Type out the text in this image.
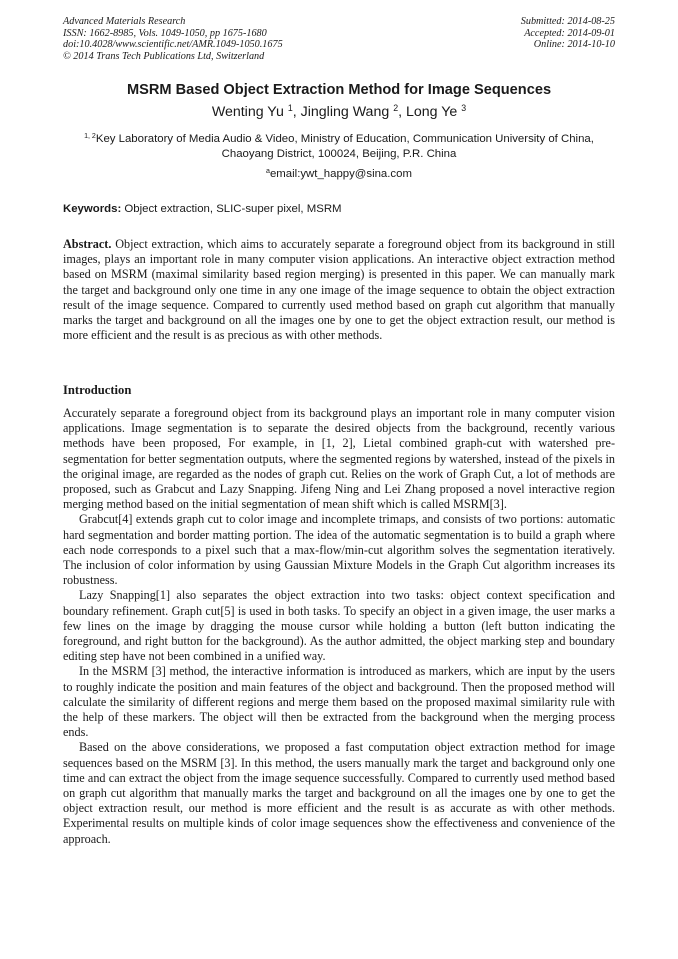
Advanced Materials Research
ISSN: 1662-8985, Vols. 1049-1050, pp 1675-1680
doi:10.4028/www.scientific.net/AMR.1049-1050.1675
© 2014 Trans Tech Publications Ltd, Switzerland
Submitted: 2014-08-25
Accepted: 2014-09-01
Online: 2014-10-10
MSRM Based Object Extraction Method for Image Sequences
Wenting Yu $^1$, Jingling Wang $^2$, Long Ye $^3$
$^{1, 2}$Key Laboratory of Media Audio & Video, Ministry of Education, Communication University of China, Chaoyang District, 100024, Beijing, P.R. China
$^a$email:ywt_happy@sina.com
Keywords: Object extraction, SLIC-super pixel, MSRM

Abstract. Object extraction, which aims to accurately separate a foreground object from its background in still images, plays an important role in many computer vision applications. An interactive object extraction method based on MSRM (maximal similarity based region merging) is presented in this paper. We can manually mark the target and background only one time in any one image of the image sequence to obtain the object extraction result of the image sequence. Compared to currently used method based on graph cut algorithm that manually marks the target and background on all the images one by one to get the object extraction result, our method is more efficient and the result is as precious as with other methods.

Introduction

Accurately separate a foreground object from its background plays an important role in many computer vision applications. Image segmentation is to separate the desired objects from the background, recently various methods have been proposed, For example, in [1, 2], Lietal combined graph-cut with watershed pre-segmentation for better segmentation outputs, where the segmented regions by watershed, instead of the pixels in the original image, are regarded as the nodes of graph cut. Relies on the work of Graph Cut, a lot of methods are proposed, such as Grabcut and Lazy Snapping. Jifeng Ning and Lei Zhang proposed a novel interactive region merging method based on the initial segmentation of mean shift which is called MSRM[3].

Grabcut[4] extends graph cut to color image and incomplete trimaps, and consists of two portions: automatic hard segmentation and border matting portion. The idea of the automatic segmentation is to build a graph where each node corresponds to a pixel such that a max-flow/min-cut algorithm solves the segmentation iteratively. The inclusion of color information by using Gaussian Mixture Models in the Graph Cut algorithm increases its robustness.

Lazy Snapping[1] also separates the object extraction into two tasks: object context specification and boundary refinement. Graph cut[5] is used in both tasks. To specify an object in a given image, the user marks a few lines on the image by dragging the mouse cursor while holding a button (left button indicating the foreground, and right button for the background). As the author admitted, the object marking step and boundary editing step have not been combined in a unified way.

In the MSRM [3] method, the interactive information is introduced as markers, which are input by the users to roughly indicate the position and main features of the object and background. Then the proposed method will calculate the similarity of different regions and merge them based on the proposed maximal similarity rule with the help of these markers. The object will then be extracted from the background when the merging process ends.

Based on the above considerations, we proposed a fast computation object extraction method for image sequences based on the MSRM [3]. In this method, the users manually mark the target and background only one time and can extract the object from the image sequence successfully. Compared to currently used method based on graph cut algorithm that manually marks the target and background on all the images one by one to get the object extraction result, our method is more efficient and the result is as accurate as with other methods. Experimental results on multiple kinds of color image sequences show the effectiveness and convenience of the approach.
